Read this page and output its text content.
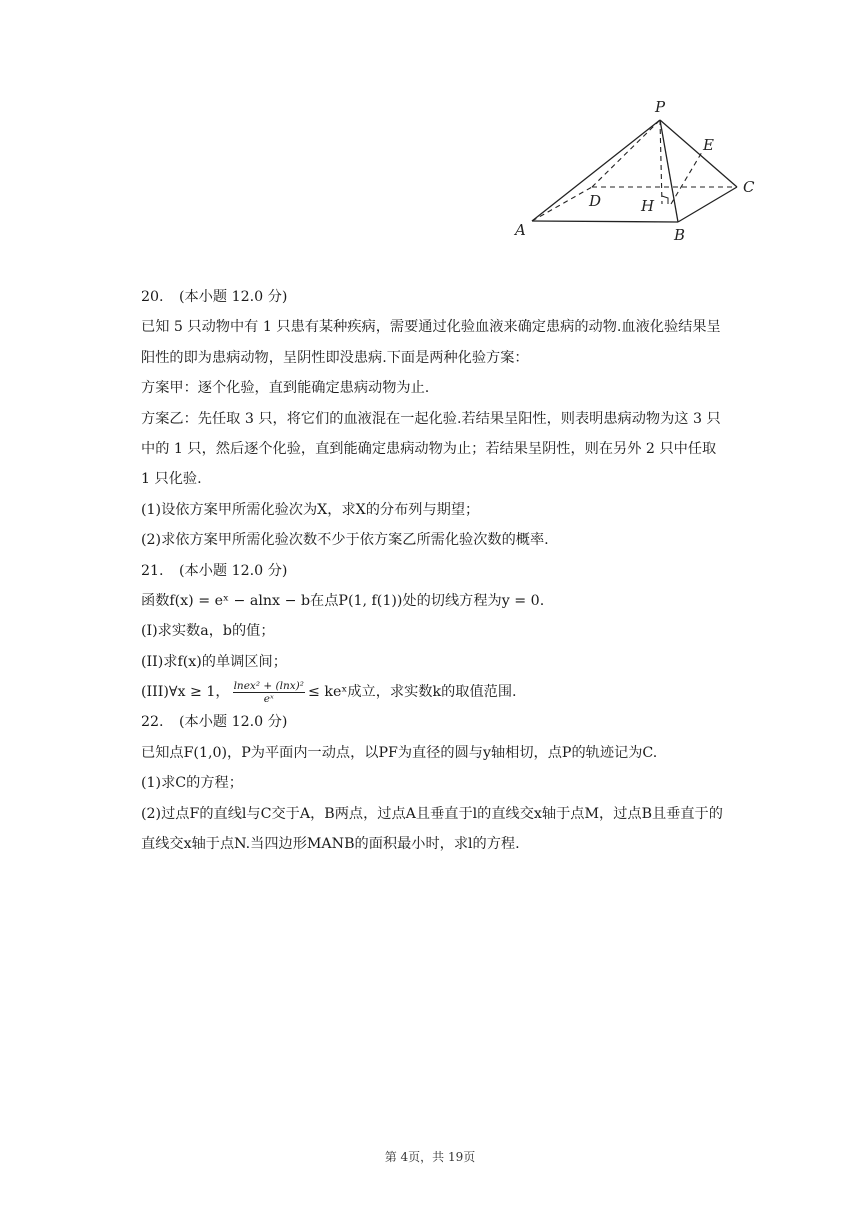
P
E
C
D	H
A	B
20. (本小题 12.0 分)
已知 5 只动物中有 1 只患有某种疾病，需要通过化验血液来确定患病的动物.血液化验结果呈
阳性的即为患病动物，呈阴性即没患病.下面是两种化验方案：
方案甲：逐个化验，直到能确定患病动物为止.
方案乙：先任取 3 只，将它们的血液混在一起化验.若结果呈阳性，则表明患病动物为这 3 只
中的 1 只，然后逐个化验，直到能确定患病动物为止；若结果呈阴性，则在另外 2 只中任取
1 只化验.
(1)设依方案甲所需化验次为X，求X的分布列与期望；
(2)求依方案甲所需化验次数不少于依方案乙所需化验次数的概率.
21. (本小题 12.0 分)
函数f(x) = eˣ − alnx − b在点P(1, f(1))处的切线方程为y = 0.
(I)求实数a，b的值；
(II)求f(x)的单调区间；
(III)∀x ≥ 1， $\frac{\text{lnex² + (lnx)²}}{\text{eˣ}}$ ≤ keˣ成立，求实数k的取值范围.
22. (本小题 12.0 分)
已知点F(1,0)，P为平面内一动点，以PF为直径的圆与y轴相切，点P的轨迹记为C.
(1)求C的方程；
(2)过点F的直线l与C交于A，B两点，过点A且垂直于l的直线交x轴于点M，过点B且垂直于的
直线交x轴于点N.当四边形MANB的面积最小时，求l的方程.
第 4页，共 19页
